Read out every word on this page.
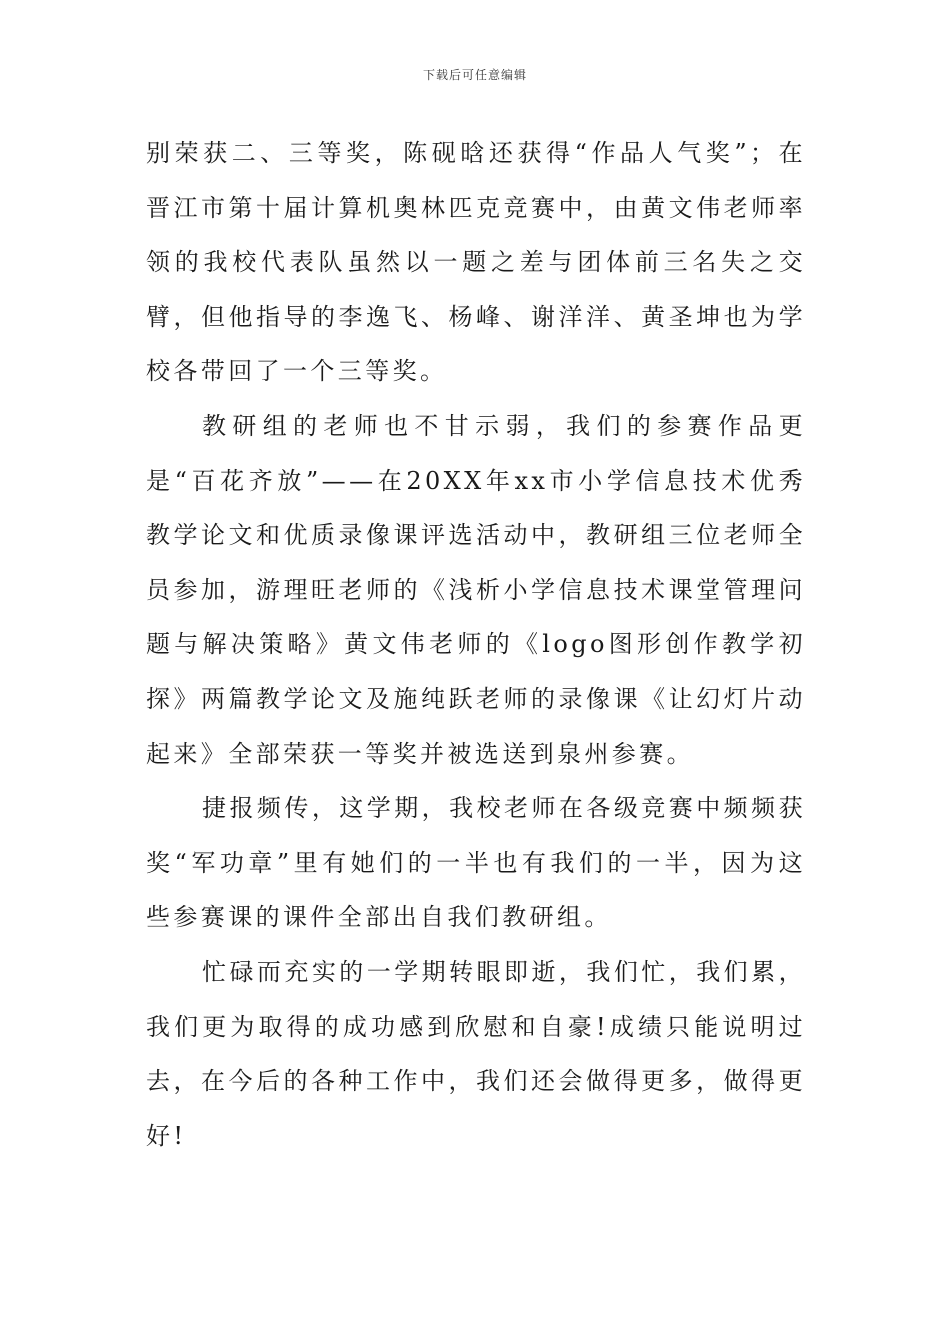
下载后可任意编辑

别荣获二、三等奖，陈砚晗还获得“作品人气奖”；在晋江市第十届计算机奥林匹克竞赛中，由黄文伟老师率领的我校代表队虽然以一题之差与团体前三名失之交臂，但他指导的李逸飞、杨峰、谢洋洋、黄圣坤也为学校各带回了一个三等奖。

教研组的老师也不甘示弱，我们的参赛作品更是“百花齐放”——在20XX年xx市小学信息技术优秀教学论文和优质录像课评选活动中，教研组三位老师全员参加，游理旺老师的《浅析小学信息技术课堂管理问题与解决策略》黄文伟老师的《logo图形创作教学初探》两篇教学论文及施纯跃老师的录像课《让幻灯片动起来》全部荣获一等奖并被选送到泉州参赛。

捷报频传，这学期，我校老师在各级竞赛中频频获奖“军功章”里有她们的一半也有我们的一半，因为这些参赛课的课件全部出自我们教研组。

忙碌而充实的一学期转眼即逝，我们忙，我们累，我们更为取得的成功感到欣慰和自豪!成绩只能说明过去，在今后的各种工作中，我们还会做得更多，做得更好!
